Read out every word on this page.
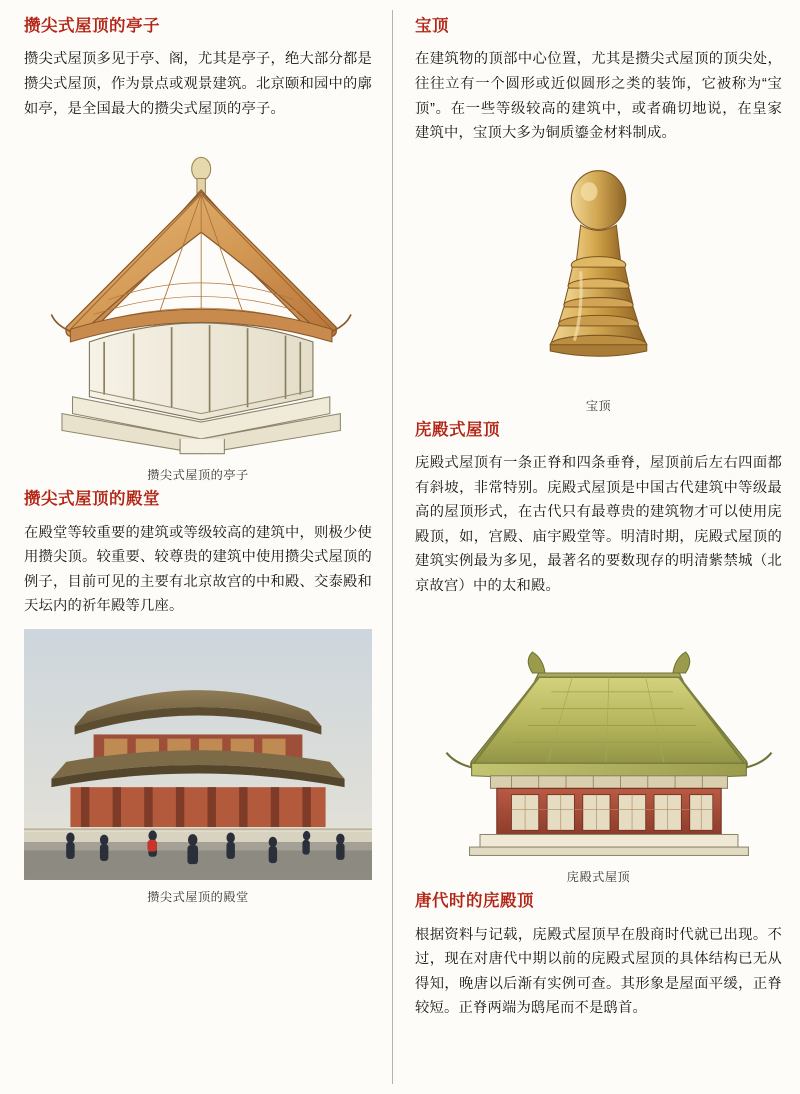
攒尖式屋顶的亭子

攒尖式屋顶多见于亭、阁，尤其是亭子，绝大部分都是攒尖式屋顶，作为景点或观景建筑。北京颐和园中的廓如亭，是全国最大的攒尖式屋顶的亭子。

攒尖式屋顶的亭子
攒尖式屋顶的殿堂

在殿堂等较重要的建筑或等级较高的建筑中，则极少使用攒尖顶。较重要、较尊贵的建筑中使用攒尖式屋顶的例子，目前可见的主要有北京故宫的中和殿、交泰殿和天坛内的祈年殿等几座。

攒尖式屋顶的殿堂
宝顶

在建筑物的顶部中心位置，尤其是攒尖式屋顶的顶尖处，往往立有一个圆形或近似圆形之类的装饰，它被称为“宝顶”。在一些等级较高的建筑中，或者确切地说，在皇家建筑中，宝顶大多为铜质鎏金材料制成。

宝顶
庑殿式屋顶

庑殿式屋顶有一条正脊和四条垂脊，屋顶前后左右四面都有斜坡，非常特别。庑殿式屋顶是中国古代建筑中等级最高的屋顶形式，在古代只有最尊贵的建筑物才可以使用庑殿顶，如，宫殿、庙宇殿堂等。明清时期，庑殿式屋顶的建筑实例最为多见，最著名的要数现存的明清紫禁城（北京故宫）中的太和殿。

庑殿式屋顶
唐代时的庑殿顶

根据资料与记载，庑殿式屋顶早在殷商时代就已出现。不过，现在对唐代中期以前的庑殿式屋顶的具体结构已无从得知，晚唐以后渐有实例可查。其形象是屋面平缓，正脊较短。正脊两端为鸱尾而不是鸱首。
